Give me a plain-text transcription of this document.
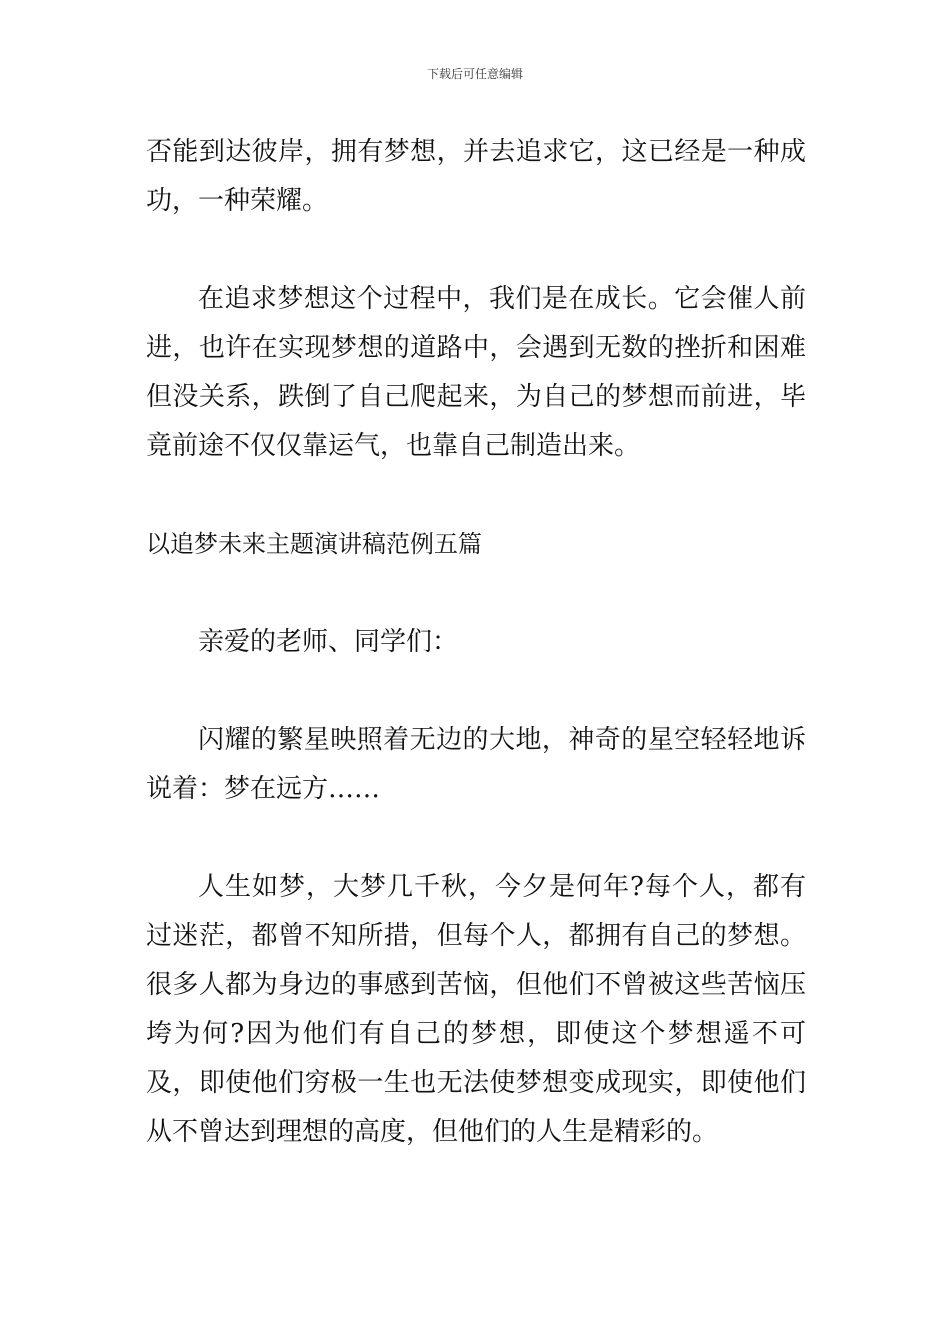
下载后可任意编辑

否能到达彼岸，拥有梦想，并去追求它，这已经是一种成功，一种荣耀。

在追求梦想这个过程中，我们是在成长。它会催人前进，也许在实现梦想的道路中，会遇到无数的挫折和困难但没关系，跌倒了自己爬起来，为自己的梦想而前进，毕竟前途不仅仅靠运气，也靠自己制造出来。

以追梦未来主题演讲稿范例五篇

亲爱的老师、同学们：

闪耀的繁星映照着无边的大地，神奇的星空轻轻地诉说着：梦在远方……

人生如梦，大梦几千秋，今夕是何年?每个人，都有过迷茫，都曾不知所措，但每个人，都拥有自己的梦想。很多人都为身边的事感到苦恼，但他们不曾被这些苦恼压垮为何?因为他们有自己的梦想，即使这个梦想遥不可及，即使他们穷极一生也无法使梦想变成现实，即使他们从不曾达到理想的高度，但他们的人生是精彩的。
